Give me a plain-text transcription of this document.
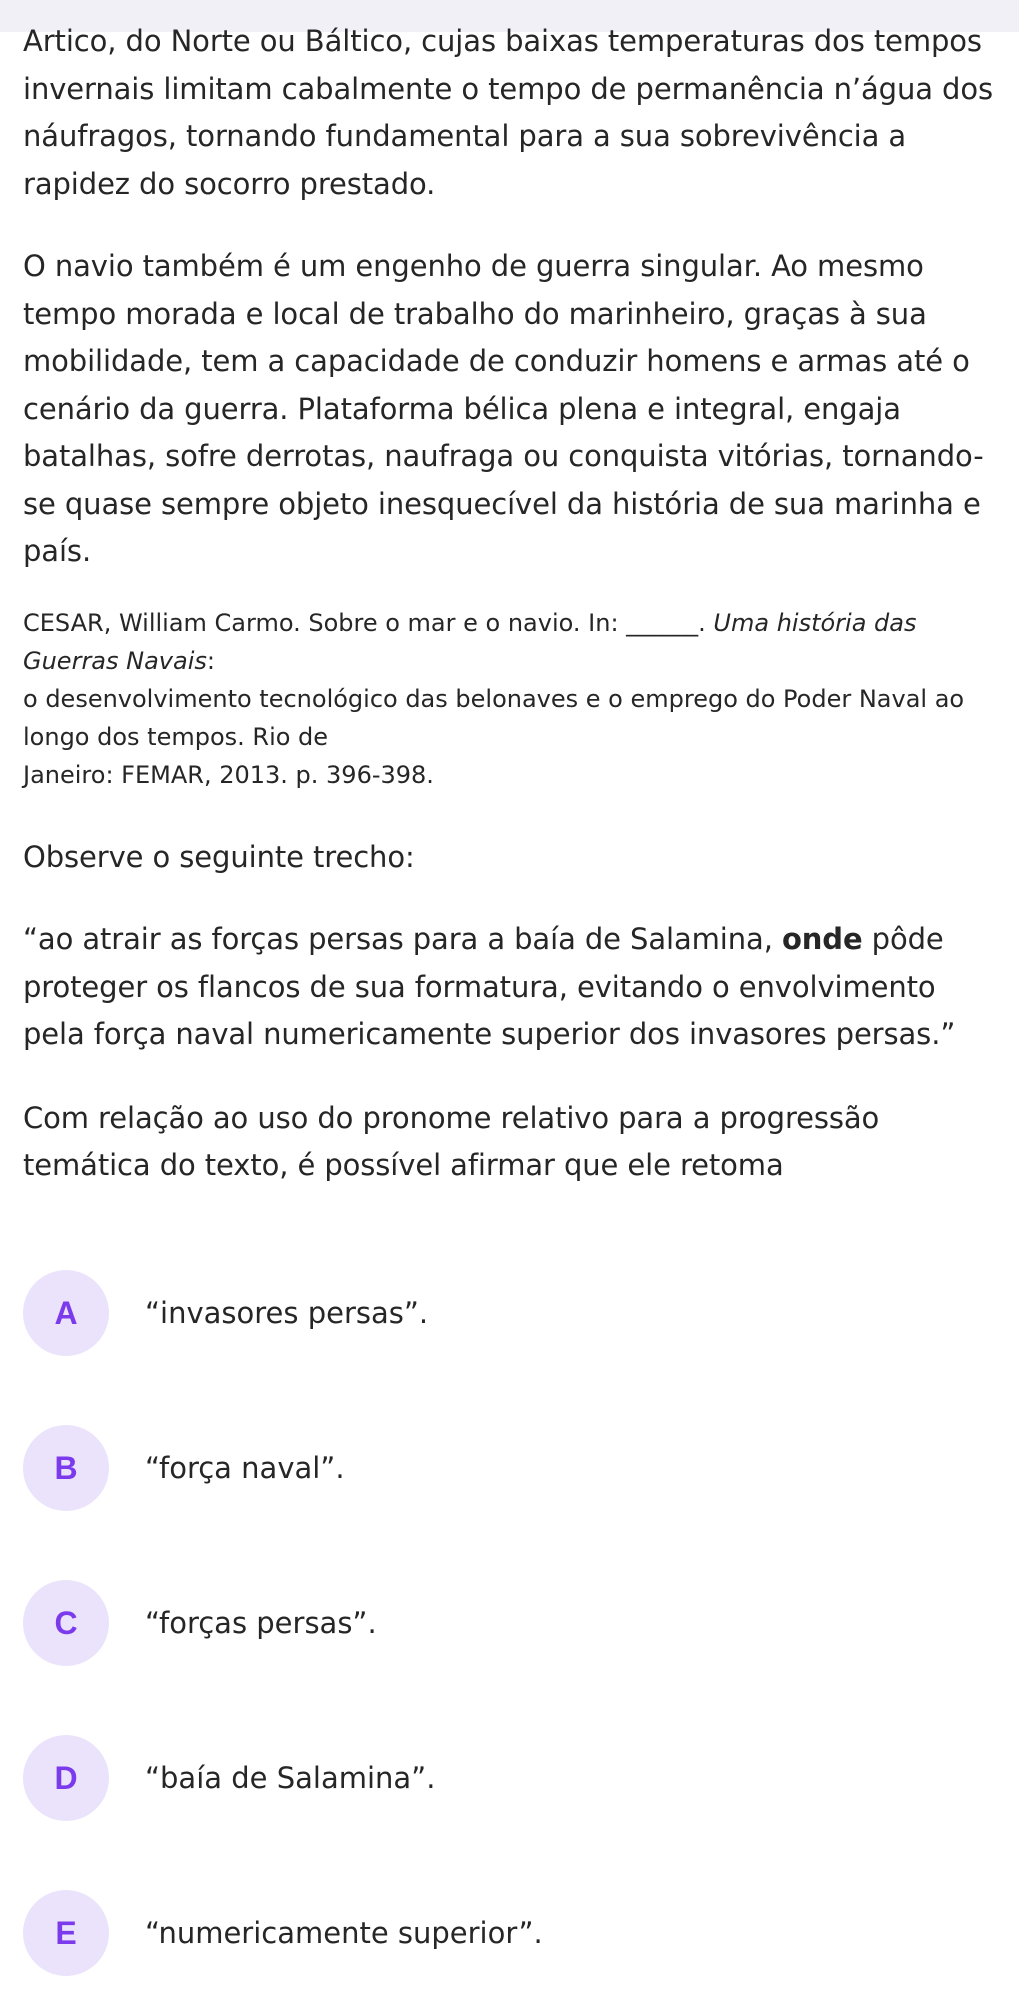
Artico, do Norte ou Báltico, cujas baixas temperaturas dos tempos
invernais limitam cabalmente o tempo de permanência n’água dos
náufragos, tornando fundamental para a sua sobrevivência a
rapidez do socorro prestado.
O navio também é um engenho de guerra singular. Ao mesmo
tempo morada e local de trabalho do marinheiro, graças à sua
mobilidade, tem a capacidade de conduzir homens e armas até o
cenário da guerra. Plataforma bélica plena e integral, engaja
batalhas, sofre derrotas, naufraga ou conquista vitórias, tornando-
se quase sempre objeto inesquecível da história de sua marinha e
país.
CESAR, William Carmo. Sobre o mar e o navio. In: ______. Uma história das
Guerras Navais:
o desenvolvimento tecnológico das belonaves e o emprego do Poder Naval ao
longo dos tempos. Rio de
Janeiro: FEMAR, 2013. p. 396-398.
Observe o seguinte trecho:
“ao atrair as forças persas para a baía de Salamina, onde pôde
proteger os flancos de sua formatura, evitando o envolvimento
pela força naval numericamente superior dos invasores persas.”
Com relação ao uso do pronome relativo para a progressão
temática do texto, é possível afirmar que ele retoma
A	“invasores persas”.
B	“força naval”.
C	“forças persas”.
D	“baía de Salamina”.
E	“numericamente superior”.
